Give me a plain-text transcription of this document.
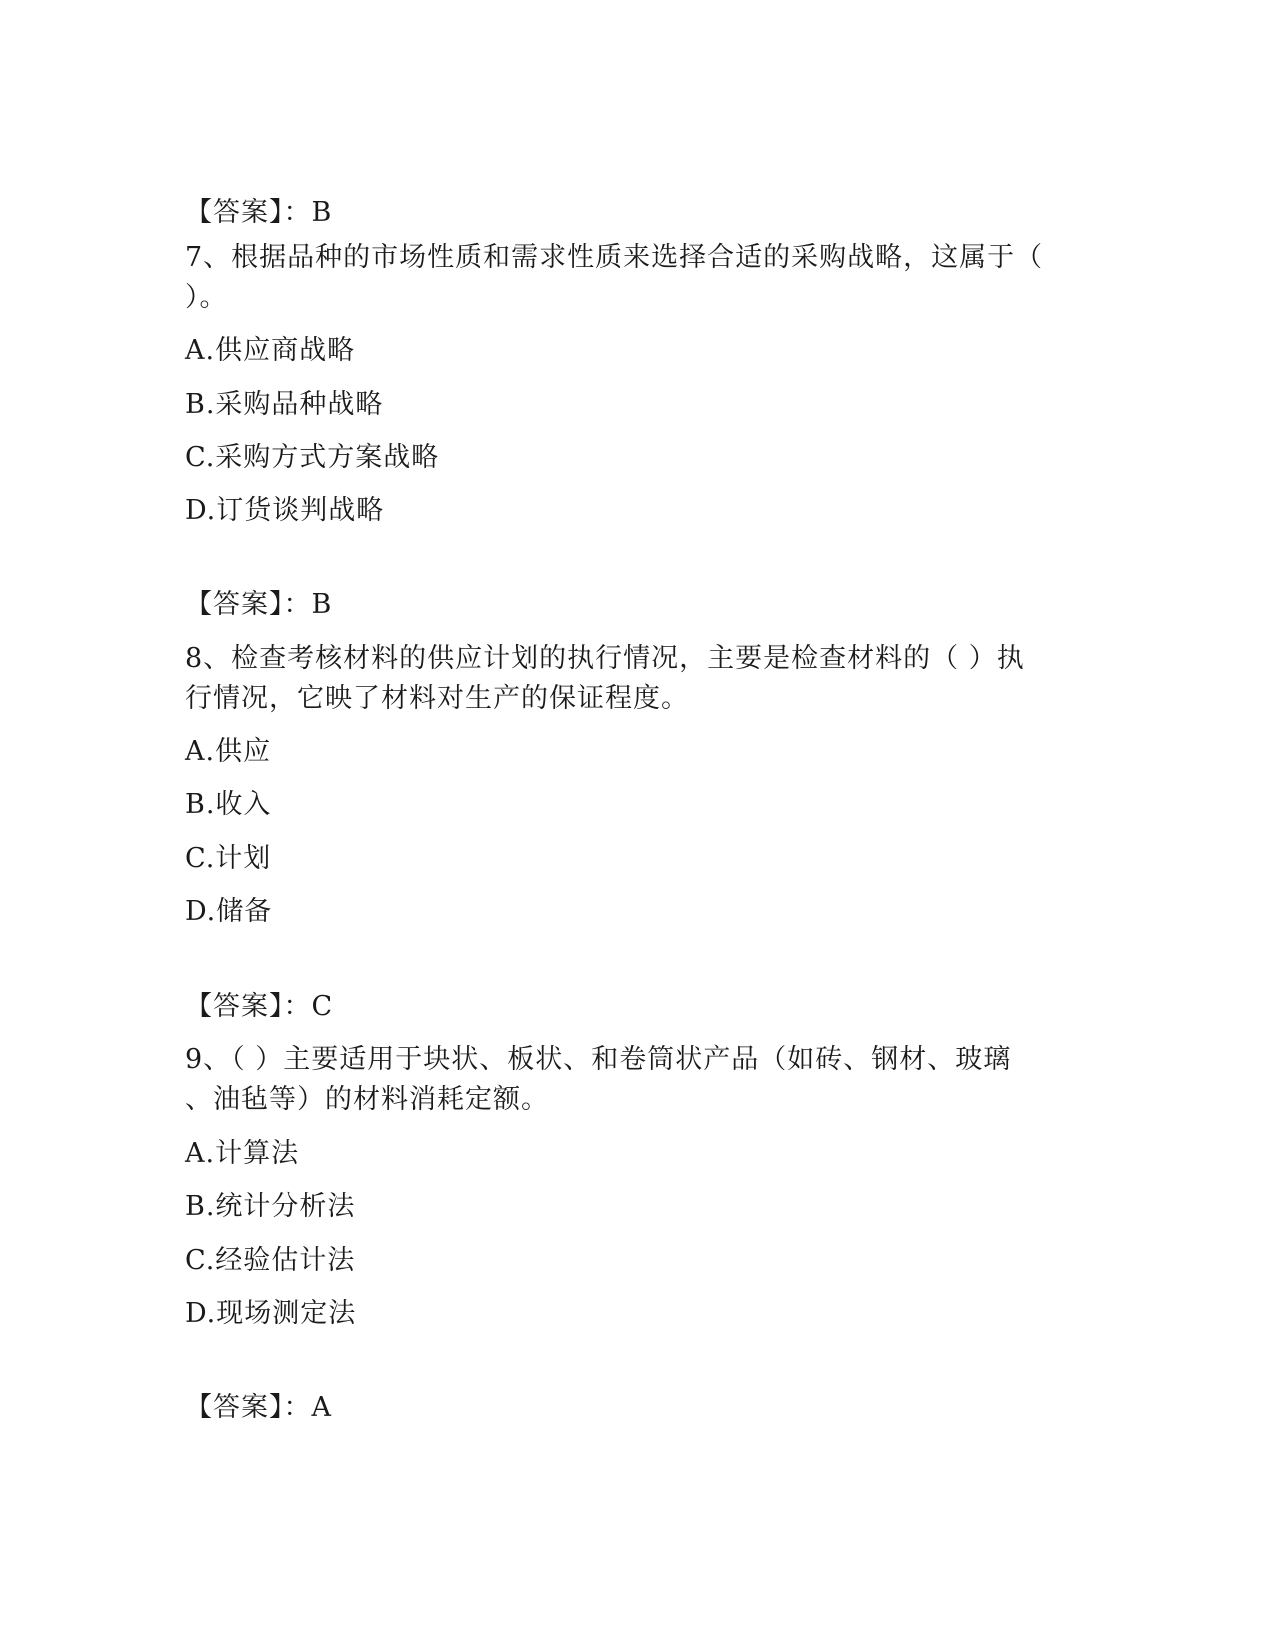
【答案】：B
7、根据品种的市场性质和需求性质来选择合适的采购战略，这属于（
）。
A.供应商战略
B.采购品种战略
C.采购方式方案战略
D.订货谈判战略
【答案】：B
8、检查考核材料的供应计划的执行情况，主要是检查材料的（ ）执
行情况，它映了材料对生产的保证程度。
A.供应
B.收入
C.计划
D.储备
【答案】：C
9、（ ）主要适用于块状、板状、和卷筒状产品（如砖、钢材、玻璃
、油毡等）的材料消耗定额。
A.计算法
B.统计分析法
C.经验估计法
D.现场测定法
【答案】：A
